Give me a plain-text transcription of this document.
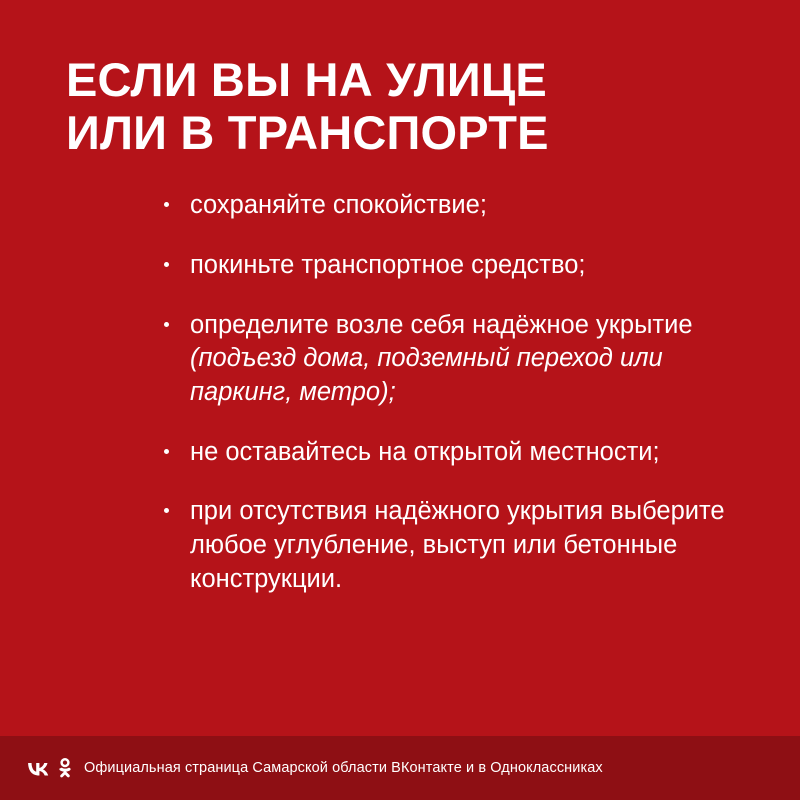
ЕСЛИ ВЫ НА УЛИЦЕ
ИЛИ В ТРАНСПОРТЕ
сохраняйте спокойствие;
покиньте транспортное средство;
определите возле себя надёжное укрытие (подъезд дома, подземный переход или паркинг, метро);
не оставайтесь на открытой местности;
при отсутствия надёжного укрытия выберите любое углубление, выступ или бетонные конструкции.
Официальная страница Самарской области ВКонтакте и в Одноклассниках
